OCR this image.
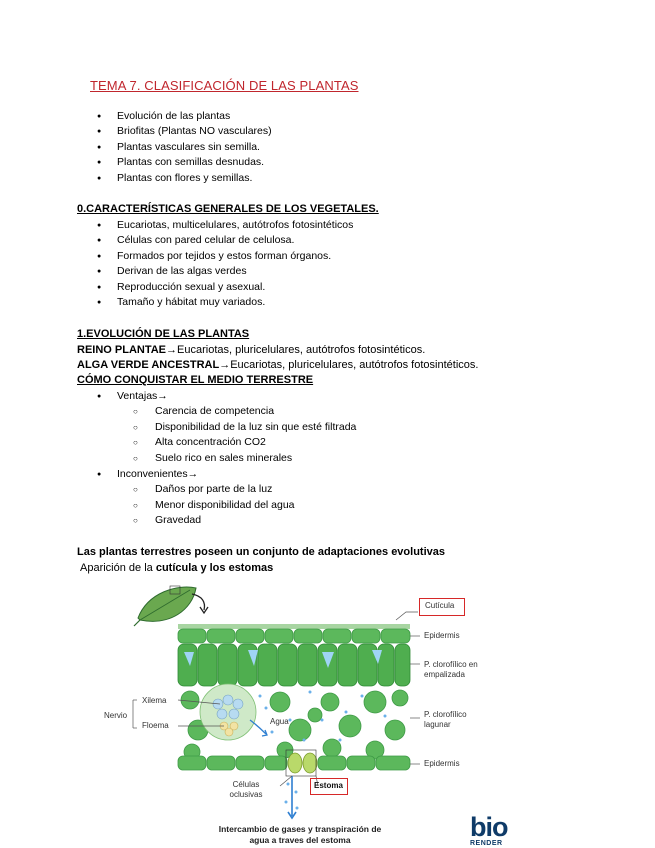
TEMA 7. CLASIFICACIÓN DE LAS PLANTAS
● Evolución de las plantas
● Briofitas (Plantas NO vasculares)
● Plantas vasculares sin semilla.
● Plantas con semillas desnudas.
● Plantas con flores y semillas.
0.CARACTERÍSTICAS GENERALES DE LOS VEGETALES.
● Eucariotas, multicelulares, autótrofos fotosintéticos
● Células con pared celular de celulosa.
● Formados por tejidos y estos forman órganos.
● Derivan de las algas verdes
● Reproducción sexual y asexual.
● Tamaño y hábitat muy variados.
1.EVOLUCIÓN DE LAS PLANTAS
REINO PLANTAE→Eucariotas, pluricelulares, autótrofos fotosintéticos.
ALGA VERDE ANCESTRAL→Eucariotas, pluricelulares, autótrofos fotosintéticos.
CÓMO CONQUISTAR EL MEDIO TERRESTRE
● Ventajas→
○ Carencia de competencia
○ Disponibilidad de la luz sin que esté filtrada
○ Alta concentración CO2
○ Suelo rico en sales minerales
● Inconvenientes→
○ Daños por parte de la luz
○ Menor disponibilidad del agua
○ Gravedad
Las plantas terrestres poseen un conjunto de adaptaciones evolutivas
Aparición de la cutícula y los estomas
Cutícula
Epidermis
P. clorofílico en empalizada
P. clorofílico lagunar
Epidermis
Nervio
Xilema
Floema	Agua
Células oclusivas
Estoma
Intercambio de gases y transpiración de agua a traves del estoma	bio
RENDER
